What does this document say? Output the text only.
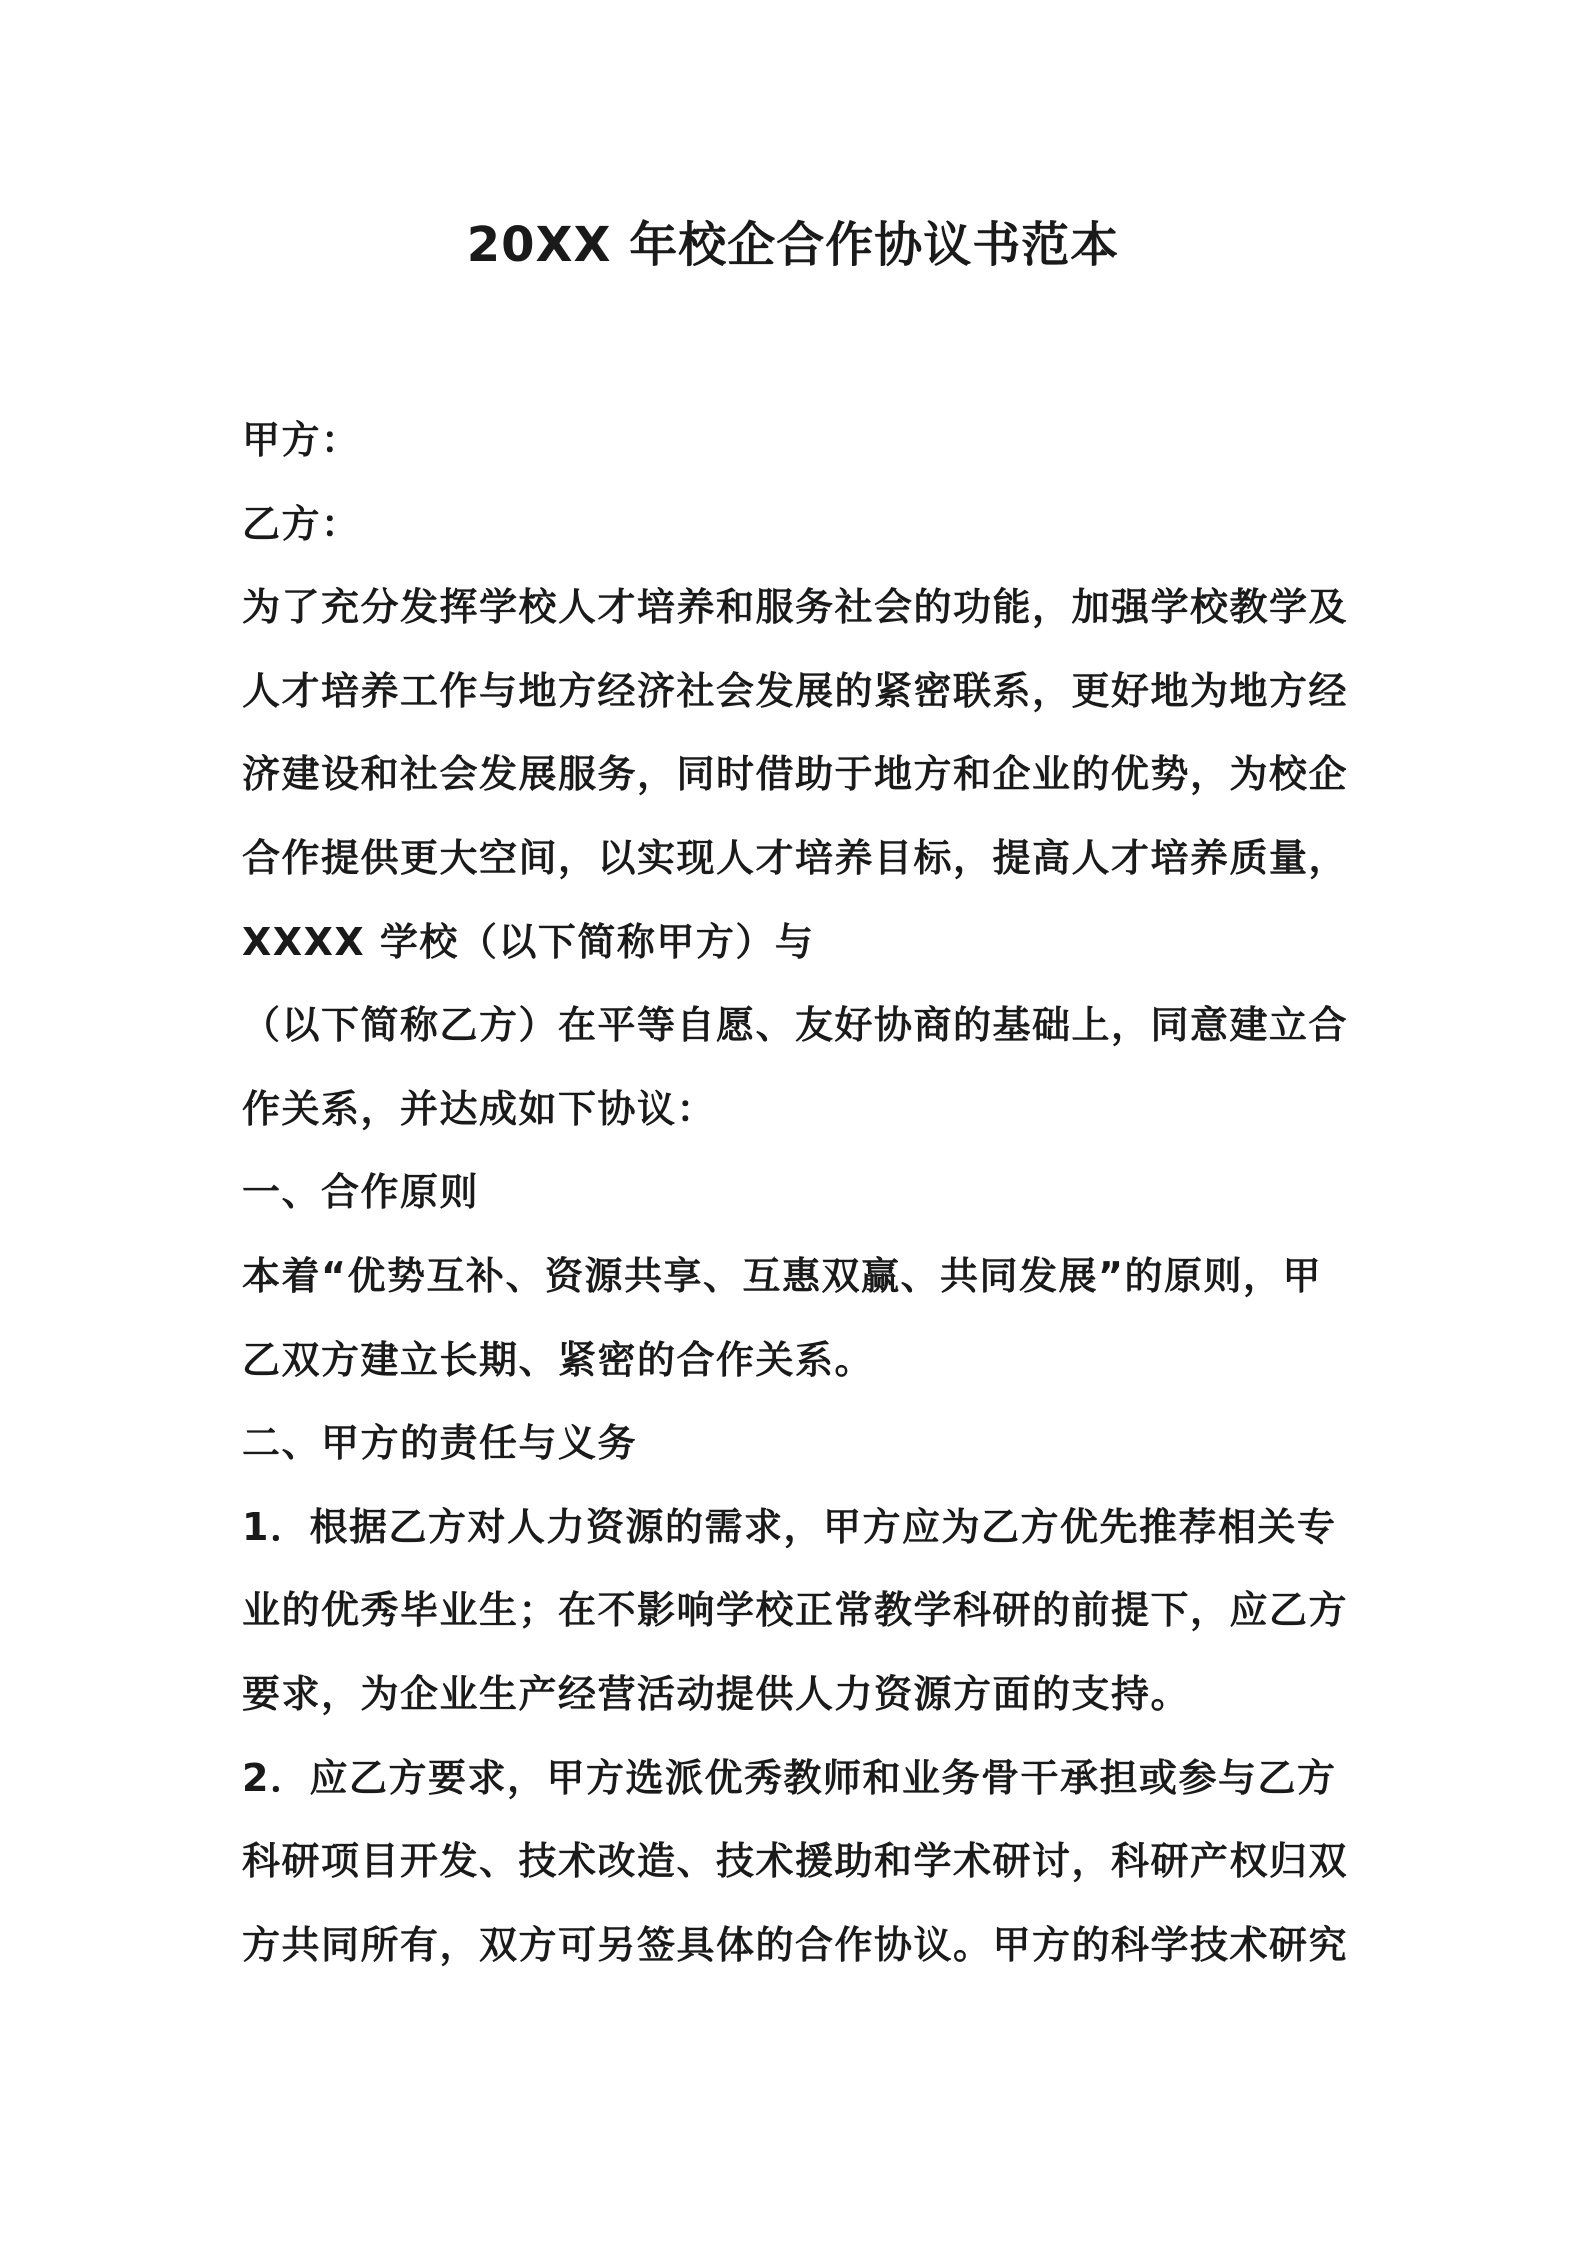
20XX 年校企合作协议书范本
甲方：
乙方：
为了充分发挥学校人才培养和服务社会的功能，加强学校教学及
人才培养工作与地方经济社会发展的紧密联系，更好地为地方经
济建设和社会发展服务，同时借助于地方和企业的优势，为校企
合作提供更大空间，以实现人才培养目标，提高人才培养质量，
XXXX 学校（以下简称甲方）与
（以下简称乙方）在平等自愿、友好协商的基础上，同意建立合
作关系，并达成如下协议：
一、合作原则
本着“优势互补、资源共享、互惠双赢、共同发展”的原则，甲
乙双方建立长期、紧密的合作关系。
二、甲方的责任与义务
1．根据乙方对人力资源的需求，甲方应为乙方优先推荐相关专
业的优秀毕业生；在不影响学校正常教学科研的前提下，应乙方
要求，为企业生产经营活动提供人力资源方面的支持。
2．应乙方要求，甲方选派优秀教师和业务骨干承担或参与乙方
科研项目开发、技术改造、技术援助和学术研讨，科研产权归双
方共同所有，双方可另签具体的合作协议。甲方的科学技术研究
